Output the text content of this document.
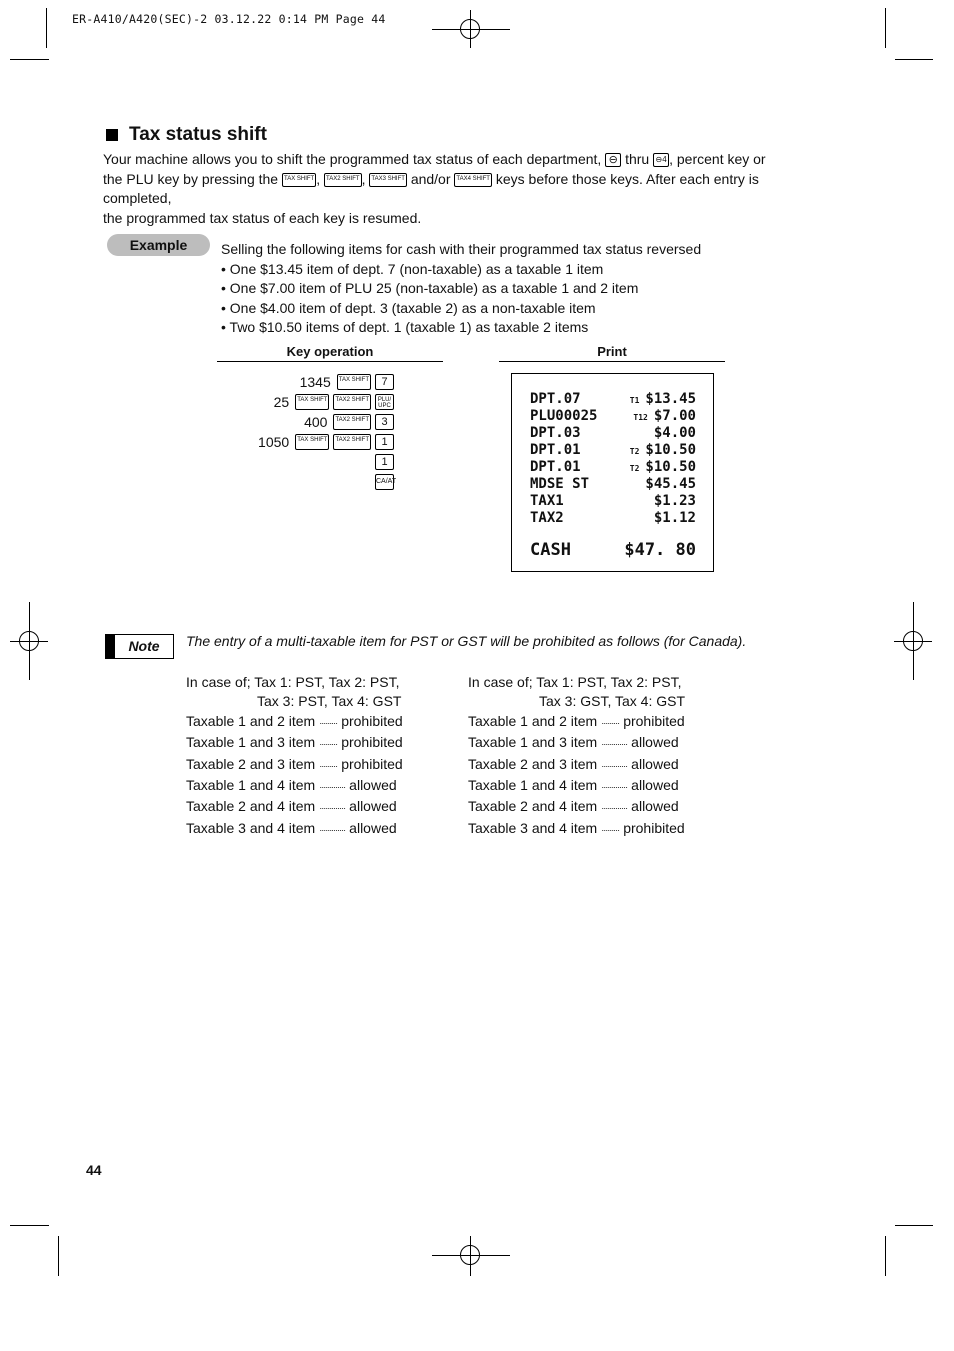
ER-A410/A420(SEC)-2 03.12.22 0:14 PM Page 44
Tax status shift
Your machine allows you to shift the programmed tax status of each department, ⊖ thru ⊖4 , percent key or
the PLU key by pressing the TAX SHIFT , TAX2 SHIFT , TAX3 SHIFT and/or TAX4 SHIFT keys before those keys. After each entry is completed,
the programmed tax status of each key is resumed.
Example	Selling the following items for cash with their programmed tax status reversed
• One $13.45 item of dept. 7 (non-taxable) as a taxable 1 item
• One $7.00 item of PLU 25 (non-taxable) as a taxable 1 and 2 item
• One $4.00 item of dept. 3 (taxable 2) as a non-taxable item
• Two $10.50 items of dept. 1 (taxable 1) as taxable 2 items
Key operation	Print
1345	TAX SHIFT	7
25	TAX SHIFT	TAX2 SHIFT	PLU/ UPC
400	TAX2 SHIFT	3
1050	TAX SHIFT	TAX2 SHIFT	1
1
CA/AT
DPT.07	T1 $13.45
PLU00025	T12 $7.00
DPT.03	$4.00
DPT.01	T2 $10.50
DPT.01	T2 $10.50
MDSE ST	$45.45
TAX1	$1.23
TAX2	$1.12
CASH	$47. 80
Note	The entry of a multi-taxable item for PST or GST will be prohibited as follows (for Canada).
In case of; Tax 1: PST, Tax 2: PST,
Tax 3: PST, Tax 4: GST
Taxable 1 and 2 item ········· prohibited
Taxable 1 and 3 item ········· prohibited
Taxable 2 and 3 item ········· prohibited
Taxable 1 and 4 item ············· allowed
Taxable 2 and 4 item ············· allowed
Taxable 3 and 4 item ············· allowed
In case of; Tax 1: PST, Tax 2: PST,
Tax 3: GST, Tax 4: GST
Taxable 1 and 2 item ········· prohibited
Taxable 1 and 3 item ············· allowed
Taxable 2 and 3 item ············· allowed
Taxable 1 and 4 item ············· allowed
Taxable 2 and 4 item ············· allowed
Taxable 3 and 4 item ········· prohibited
44
